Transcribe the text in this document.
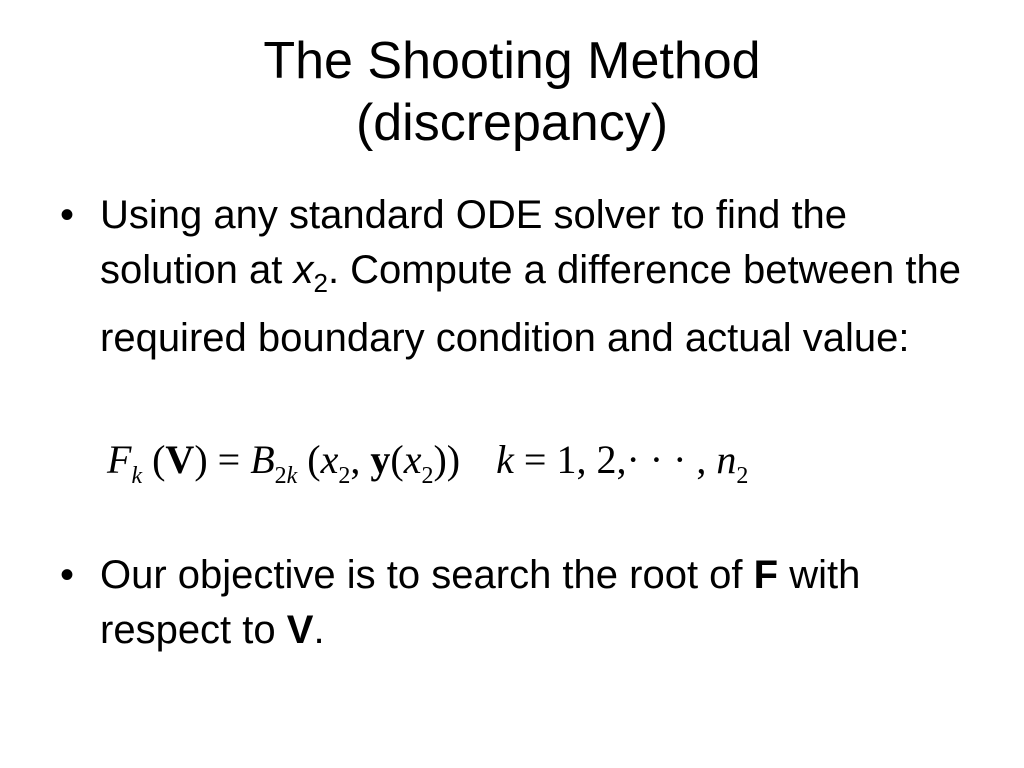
The Shooting Method
(discrepancy)
• Using any standard ODE solver to find the solution at $x_2$. Compute a difference between the required boundary condition and actual value:
$F_k$ $(V) = B_{2k}$ ($x_2$, $y(x_2)$) k = 1, 2,· · · , $n_2$
• Our objective is to search the root of F with respect to V.
